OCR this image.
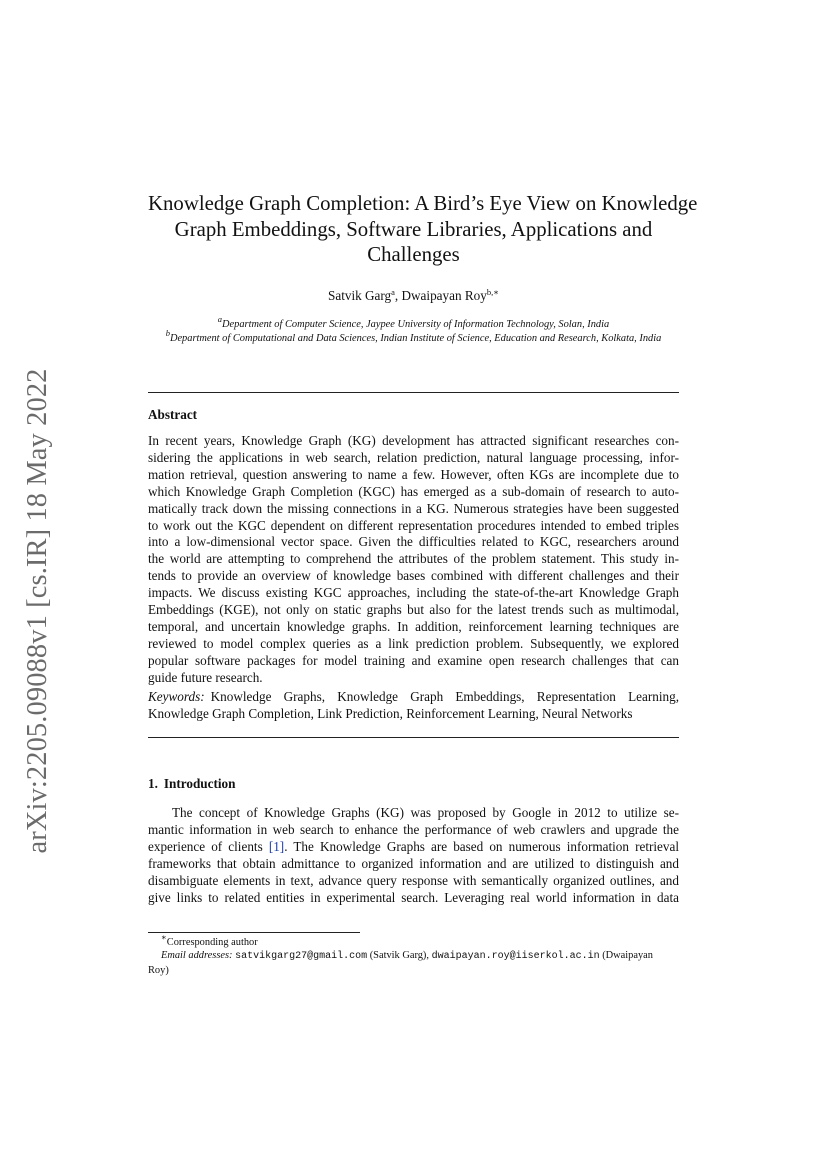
arXiv:2205.09088v1 [cs.IR] 18 May 2022
Knowledge Graph Completion: A Bird’s Eye View on Knowledge
Graph Embeddings, Software Libraries, Applications and
Challenges
Satvik Garg$^a$, Dwaipayan Roy$^{b,∗}$
$^a$Department of Computer Science, Jaypee University of Information Technology, Solan, India
$^b$Department of Computational and Data Sciences, Indian Institute of Science, Education and Research, Kolkata, India
Abstract
In recent years, Knowledge Graph (KG) development has attracted significant researches con-
sidering the applications in web search, relation prediction, natural language processing, infor-
mation retrieval, question answering to name a few. However, often KGs are incomplete due to
which Knowledge Graph Completion (KGC) has emerged as a sub-domain of research to auto-
matically track down the missing connections in a KG. Numerous strategies have been suggested
to work out the KGC dependent on different representation procedures intended to embed triples
into a low-dimensional vector space. Given the difficulties related to KGC, researchers around
the world are attempting to comprehend the attributes of the problem statement. This study in-
tends to provide an overview of knowledge bases combined with different challenges and their
impacts. We discuss existing KGC approaches, including the state-of-the-art Knowledge Graph
Embeddings (KGE), not only on static graphs but also for the latest trends such as multimodal,
temporal, and uncertain knowledge graphs. In addition, reinforcement learning techniques are
reviewed to model complex queries as a link prediction problem. Subsequently, we explored
popular software packages for model training and examine open research challenges that can
guide future research.
Keywords: Knowledge Graphs, Knowledge Graph Embeddings, Representation Learning,
Knowledge Graph Completion, Link Prediction, Reinforcement Learning, Neural Networks
1. Introduction
The concept of Knowledge Graphs (KG) was proposed by Google in 2012 to utilize se-
mantic information in web search to enhance the performance of web crawlers and upgrade the
experience of clients [1]. The Knowledge Graphs are based on numerous information retrieval
frameworks that obtain admittance to organized information and are utilized to distinguish and
disambiguate elements in text, advance query response with semantically organized outlines, and
give links to related entities in experimental search. Leveraging real world information in data
∗Corresponding author
Email addresses: satvikgarg27@gmail.com (Satvik Garg), dwaipayan.roy@iiserkol.ac.in (Dwaipayan
Roy)
